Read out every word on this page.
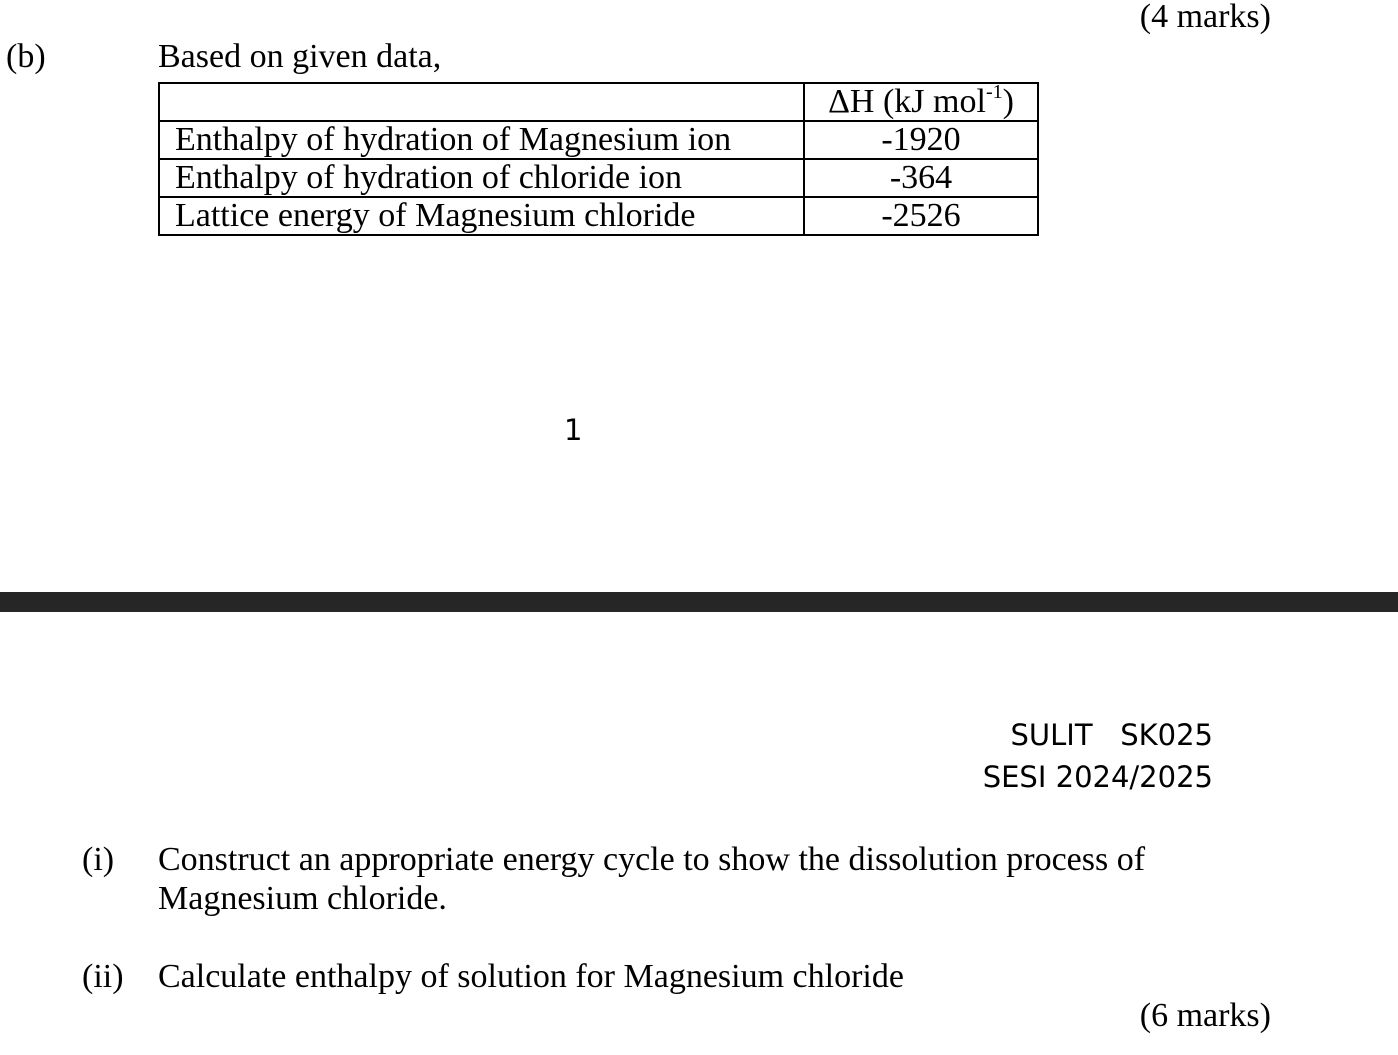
(4 marks)
(b)	Based on given data,
	ΔH (kJ mol$^{-1}$)
Enthalpy of hydration of Magnesium ion	-1920
Enthalpy of hydration of chloride ion	-364
Lattice energy of Magnesium chloride	-2526
1
SULIT   SK025
SESI 2024/2025
(i) Construct an appropriate energy cycle to show the dissolution process of
Magnesium chloride.
(ii) Calculate enthalpy of solution for Magnesium chloride
(6 marks)
